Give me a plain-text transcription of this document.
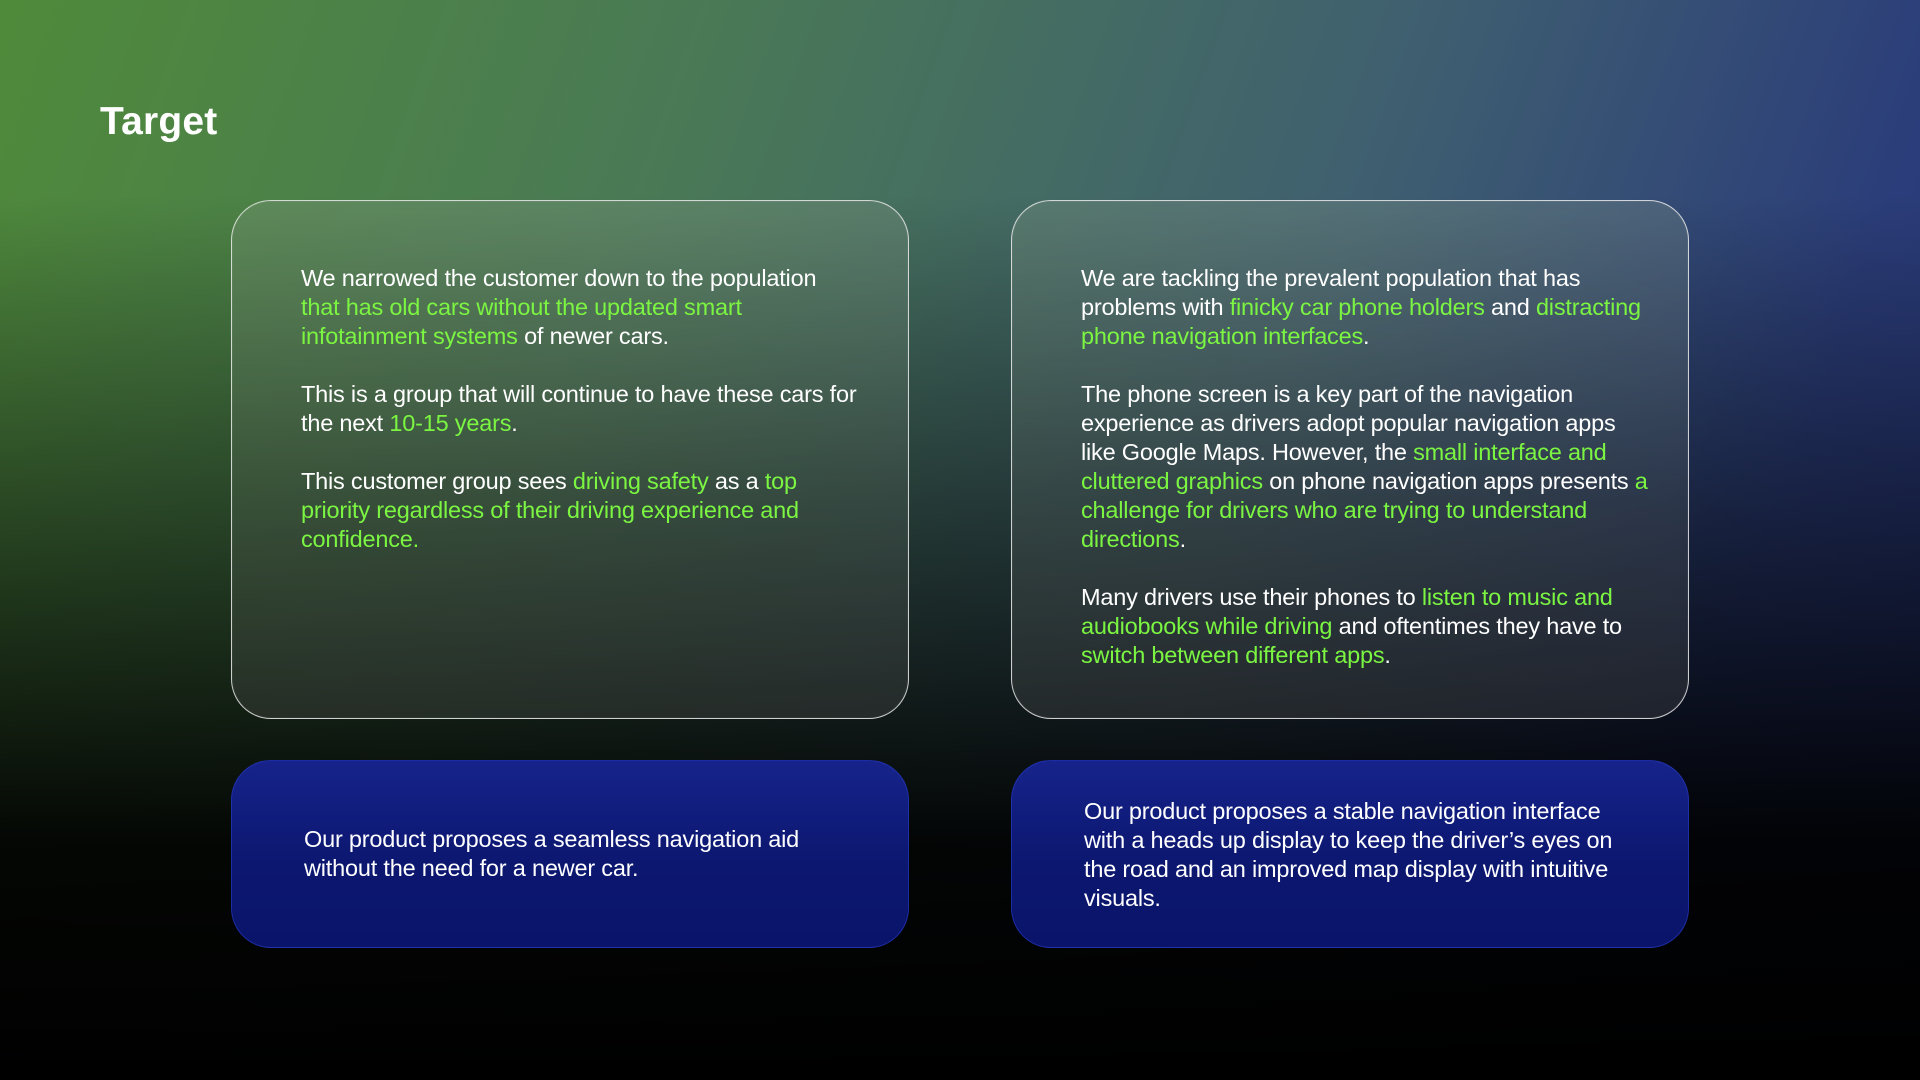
Target

We narrowed the customer down to the population that has old cars without the updated smart infotainment systems of newer cars.

This is a group that will continue to have these cars for the next 10-15 years.

This customer group sees driving safety as a top priority regardless of their driving experience and confidence.

We are tackling the prevalent population that has problems with finicky car phone holders and distracting phone navigation interfaces.

The phone screen is a key part of the navigation experience as drivers adopt popular navigation apps like Google Maps. However, the small interface and cluttered graphics on phone navigation apps presents a challenge for drivers who are trying to understand directions.

Many drivers use their phones to listen to music and audiobooks while driving and oftentimes they have to switch between different apps.

Our product proposes a seamless navigation aid without the need for a newer car.

Our product proposes a stable navigation interface with a heads up display to keep the driver’s eyes on the road and an improved map display with intuitive visuals.
